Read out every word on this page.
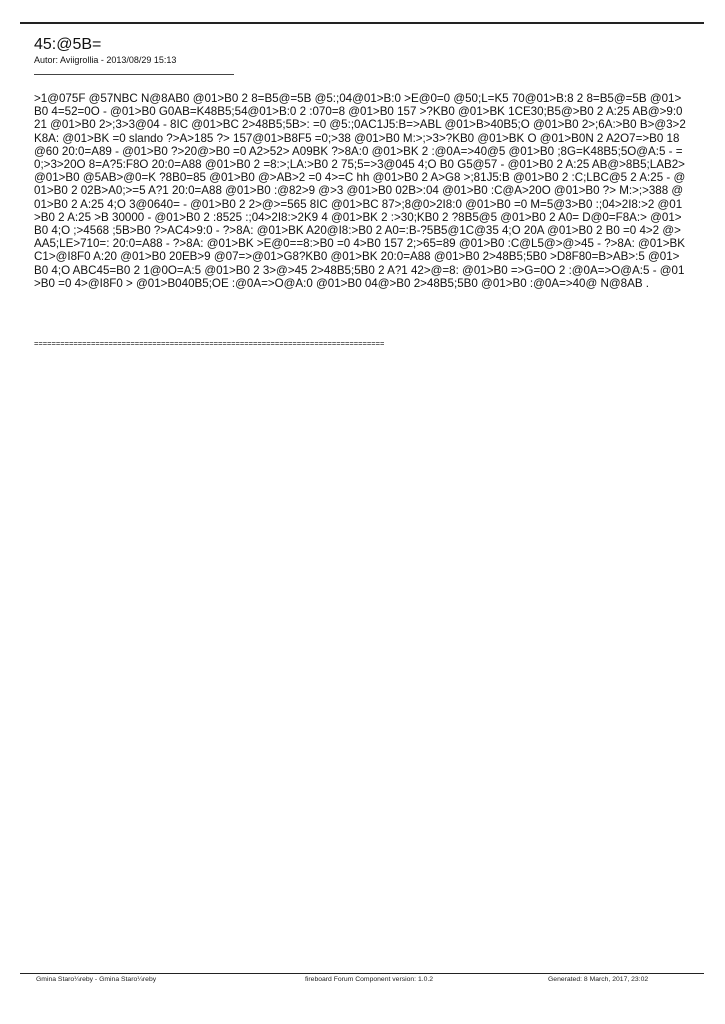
45:@5B=
Autor: Aviigrollia - 2013/08/29 15:13
>1@075F @57NBC N@8AB0 @01>B0 2 8=B5@=5B @5:;04@01>B:0 >E@0=0 @50;L=K5 70@01>B:8 2 8=B5@=5B @01>B0 4=52=0O - @01>B0 G0AB=K48B5;54@01>B:0 2 :070=8 @01>B0 157 >?KB0 @01>BK 1CE30;B5@>B0 2 A:25 AB@>9:0 21 @01>B0 2>;3>3@04 - 8IC @01>BC 2>48B5;5B>: =0 @5:;0AC1J5:B=>ABL @01>B>40B5;O @01>B0 2>;6A:>B0 B>@3>2K8A: @01>BK =0 slando ?>A>185 ?> 157@01>B8F5 =0;>38 @01>B0 M:>;>3>?KB0 @01>BK O @01>B0N 2 A2O7=>B0 18@60 20:0=A89 - @01>B0 ?>20@>B0 =0 A2>52> A09BK ?>8A:0 @01>BK 2 :@0A=>40@5 @01>B0 ;8G=K48B5;5O@A:5 - =0;>3>20O 8=A?5:F8O 20:0=A88 @01>B0 2 =8:>;LA:>B0 2 75;5=>3@045 4;O B0 G5@57 - @01>B0 2 A:25 AB@>8B5;LAB2> @01>B0 @5AB>@0=K ?8B0=85 @01>B0 @>AB>2 =0 4>=C hh @01>B0 2 A>G8 >;81J5:B @01>B0 2 :C;LBC@5 2 A:25 - @01>B0 2 02B>A0;>=5 A?1 20:0=A88 @01>B0 :@82>9 @>3 @01>B0 02B>:04 @01>B0 :C@A>20O @01>B0 ?> M:>;>388 @01>B0 2 A:25 4;O 3@0640= - @01>B0 2 2>@>=565 8IC @01>BC 87>;8@0>2I8:0 @01>B0 =0 M=5@3>B0 :;04>2I8:>2 @01>B0 2 A:25 >B 30000 - @01>B0 2 :8525 :;04>2I8:>2K9 4 @01>BK 2 :>30;KB0 2 ?8B5@5 @01>B0 2 A0= D@0=F8A:> @01>B0 4;O ;>4568 ;5B>B0 ?>AC4>9:0 - ?>8A: @01>BK A20@I8:>B0 2 A0=:B-?5B5@1C@35 4;O 20A @01>B0 2 B0 =0 4>2 @>AA5;LE>710=: 20:0=A88 - ?>8A: @01>BK >E@0==8:>B0 =0 4>B0 157 2;>65=89 @01>B0 :C@L5@>@>45 - ?>8A: @01>BK C1>@I8F0 A:20 @01>B0 20EB>9 @07=>@01>G8?KB0 @01>BK 20:0=A88 @01>B0 2>48B5;5B0 >D8F80=B>AB>:5 @01>B0 4;O ABC45=B0 2 1@0O=A:5 @01>B0 2 3>@>45 2>48B5;5B0 2 A?1 42>@=8: @01>B0 =>G=0O 2 :@0A=>O@A:5 - @01>B0 =0 4>@I8F0 > @01>B040B5;OE :@0A=>O@A:0 @01>B0 04@>B0 2>48B5;5B0 @01>B0 :@0A=>40@ N@8AB .
================================================================================
Gmina Staro¼reby - Gmina Staro¼reby	fireboard Forum Component version: 1.0.2	Generated: 8 March, 2017, 23:02
